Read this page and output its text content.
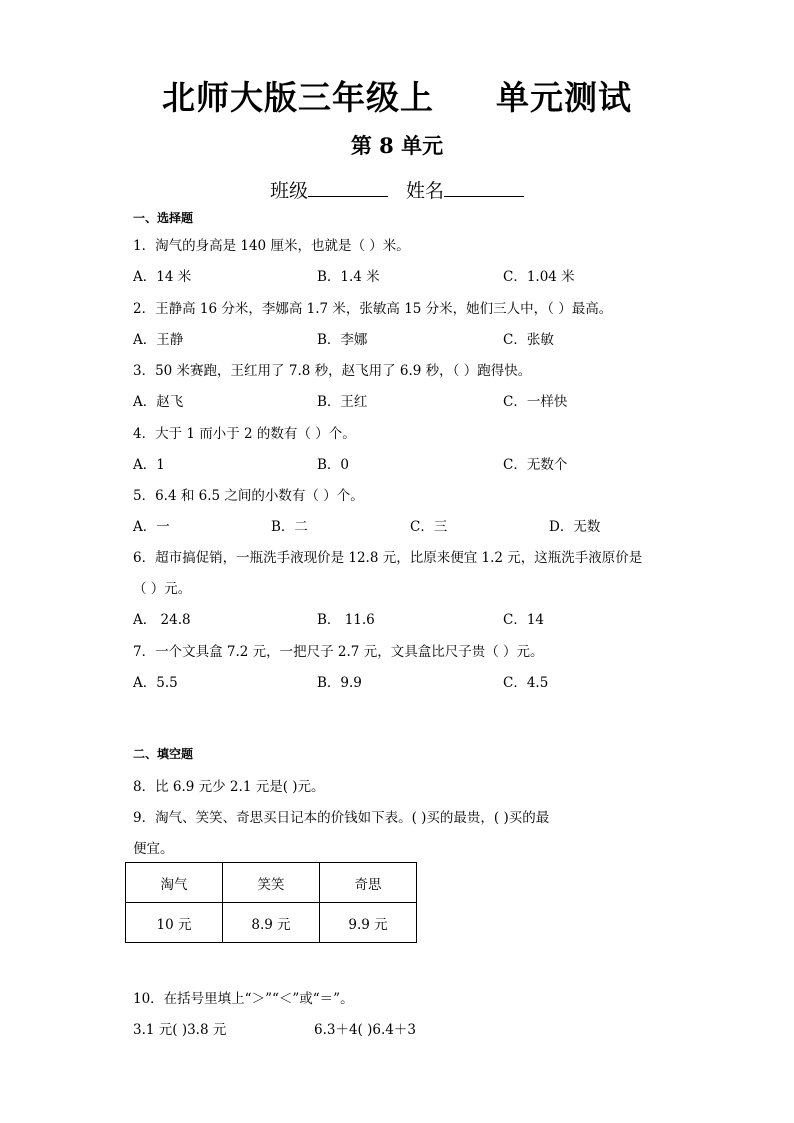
北师大版三年级上 单元测试
第 8 单元
班级	姓名
一、选择题
1．淘气的身高是 140 厘米，也就是（ ）米。
A．14 米	B．1.4 米	C．1.04 米
2．王静高 16 分米，李娜高 1.7 米，张敏高 15 分米，她们三人中，（ ）最高。
A．王静	B．李娜	C．张敏
3．50 米赛跑，王红用了 7.8 秒，赵飞用了 6.9 秒，（ ）跑得快。
A．赵飞	B．王红	C．一样快
4．大于 1 而小于 2 的数有（ ）个。
A．1	B．0	C．无数个
5．6.4 和 6.5 之间的小数有（ ）个。
A．一	B．二	C．三	D．无数
6．超市搞促销，一瓶洗手液现价是 12.8 元，比原来便宜 1.2 元，这瓶洗手液原价是
（ ）元。
A． 24.8	B． 11.6	C．14
7．一个文具盒 7.2 元，一把尺子 2.7 元，文具盒比尺子贵（ ）元。
A．5.5	B．9.9	C．4.5
二、填空题
8．比 6.9 元少 2.1 元是( )元。
9．淘气、笑笑、奇思买日记本的价钱如下表。( )买的最贵，( )买的最
便宜。
淘气	笑笑	奇思
10 元	8.9 元	9.9 元
10．在括号里填上“＞”“＜”或“＝”。
3.1 元( )3.8 元	6.3＋4( )6.4＋3
